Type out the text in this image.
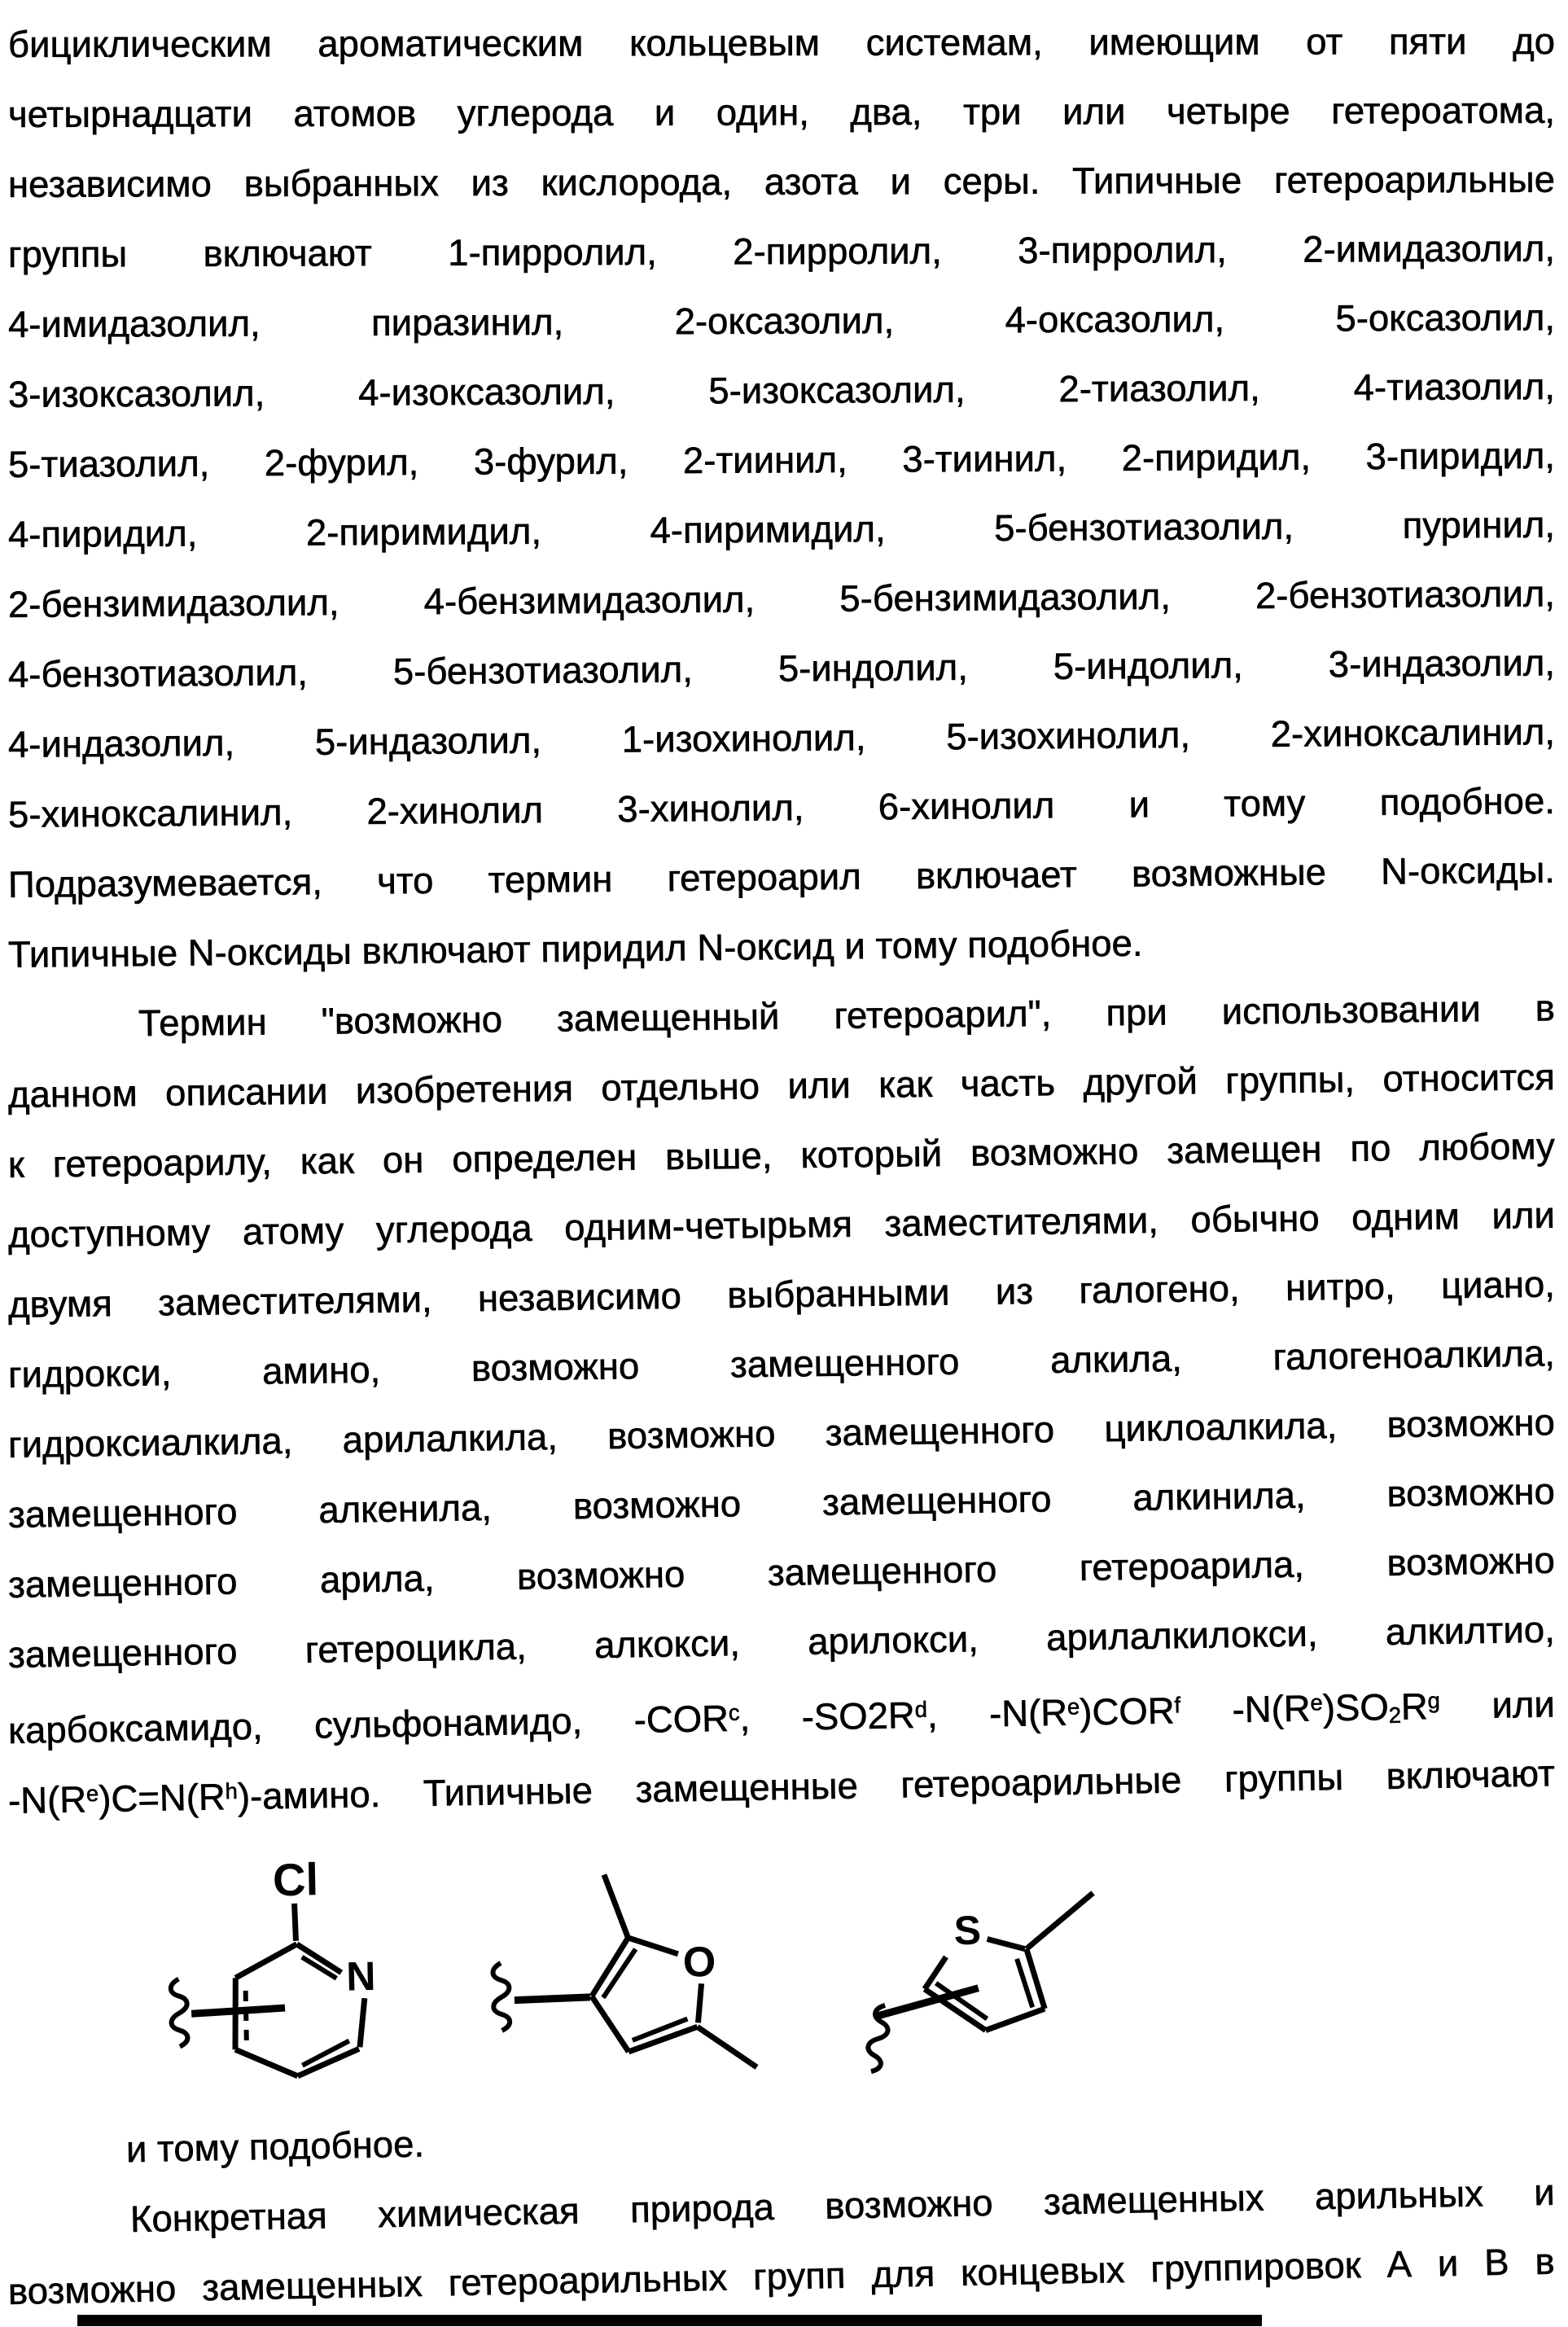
бициклическим ароматическим кольцевым системам, имеющим от пяти до
четырнадцати атомов углерода и один, два, три или четыре гетероатома,
независимо выбранных из кислорода, азота и серы. Типичные гетероарильные
группы включают 1-пирролил, 2-пирролил, 3-пирролил, 2-имидазолил,
4-имидазолил, пиразинил, 2-оксазолил, 4-оксазолил, 5-оксазолил,
3-изоксазолил, 4-изоксазолил, 5-изоксазолил, 2-тиазолил, 4-тиазолил,
5-тиазолил, 2-фурил, 3-фурил, 2-тиинил, 3-тиинил, 2-пиридил, 3-пиридил,
4-пиридил, 2-пиримидил, 4-пиримидил, 5-бензотиазолил, пуринил,
2-бензимидазолил, 4-бензимидазолил, 5-бензимидазолил, 2-бензотиазолил,
4-бензотиазолил, 5-бензотиазолил, 5-индолил, 5-индолил, 3-индазолил,
4-индазолил, 5-индазолил, 1-изохинолил, 5-изохинолил, 2-хиноксалинил,
5-хиноксалинил, 2-хинолил 3-хинолил, 6-хинолил и тому подобное.
Подразумевается, что термин гетероарил включает возможные N-оксиды.
Типичные N-оксиды включают пиридил N-оксид и тому подобное.
Термин "возможно замещенный гетероарил", при использовании в
данном описании изобретения отдельно или как часть другой группы, относится
к гетероарилу, как он определен выше, который возможно замещен по любому
доступному атому углерода одним-четырьмя заместителями, обычно одним или
двумя заместителями, независимо выбранными из галогено, нитро, циано,
гидрокси, амино, возможно замещенного алкила, галогеноалкила,
гидроксиалкила, арилалкила, возможно замещенного циклоалкила, возможно
замещенного алкенила, возможно замещенного алкинила, возможно
замещенного арила, возможно замещенного гетероарила, возможно
замещенного гетероцикла, алкокси, арилокси, арилалкилокси, алкилтио,
карбоксамидо, сульфонамидо, -COR$^c$, $-SO2R^d$, $-N(R^e)COR^f$ $-N(R^e)SO2R^g$ или
$-N(R^e)C=N(R^h)$-амино. Типичные замещенные гетероарильные группы включают
Cl
N	O
S
и тому подобное.
Конкретная химическая природа возможно замещенных арильных и
возможно замещенных гетероарильных групп для концевых группировок А и В в
